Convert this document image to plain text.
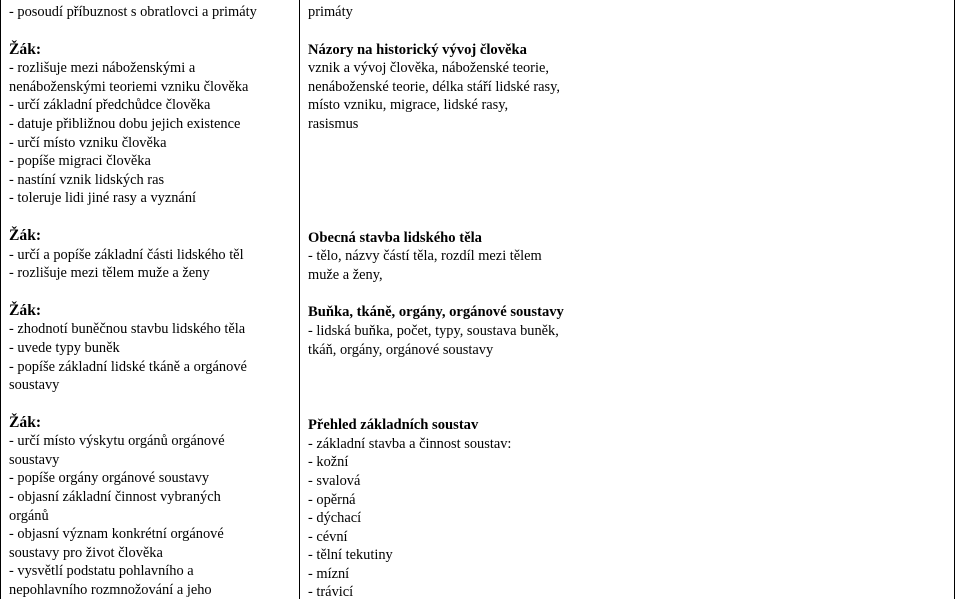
- posoudí příbuznost s obratlovci a primáty
Žák:
- rozlišuje mezi náboženskými a
nenáboženskými teoriemi vzniku člověka
- určí základní předchůdce člověka
- datuje přibližnou dobu jejich existence
- určí místo vzniku člověka
- popíše migraci člověka
- nastíní vznik lidských ras
- toleruje lidi jiné rasy a vyznání
Žák:
- určí a popíše základní části lidského těl
- rozlišuje mezi tělem muže a ženy
Žák:
- zhodnotí buněčnou stavbu lidského těla
- uvede typy buněk
- popíše základní lidské tkáně a orgánové
soustavy
Žák:
- určí místo výskytu orgánů orgánové
soustavy
- popíše orgány orgánové soustavy
- objasní základní činnost vybraných
orgánů
- objasní význam konkrétní orgánové
soustavy pro život člověka
- vysvětlí podstatu pohlavního a
nepohlavního rozmnožování a jeho
primáty
Názory na historický vývoj člověka
vznik a vývoj člověka, náboženské teorie,
nenáboženské teorie, délka stáří lidské rasy,
místo vzniku, migrace, lidské rasy,
rasismus
Obecná stavba lidského těla
- tělo, názvy částí těla, rozdíl mezi tělem
muže a ženy,
Buňka, tkáně, orgány, orgánové soustavy
- lidská buňka, počet, typy, soustava buněk,
tkáň, orgány, orgánové soustavy
Přehled základních soustav
- základní stavba a činnost soustav:
- kožní
- svalová
- opěrná
- dýchací
- cévní
- tělní tekutiny
- mízní
- trávicí
